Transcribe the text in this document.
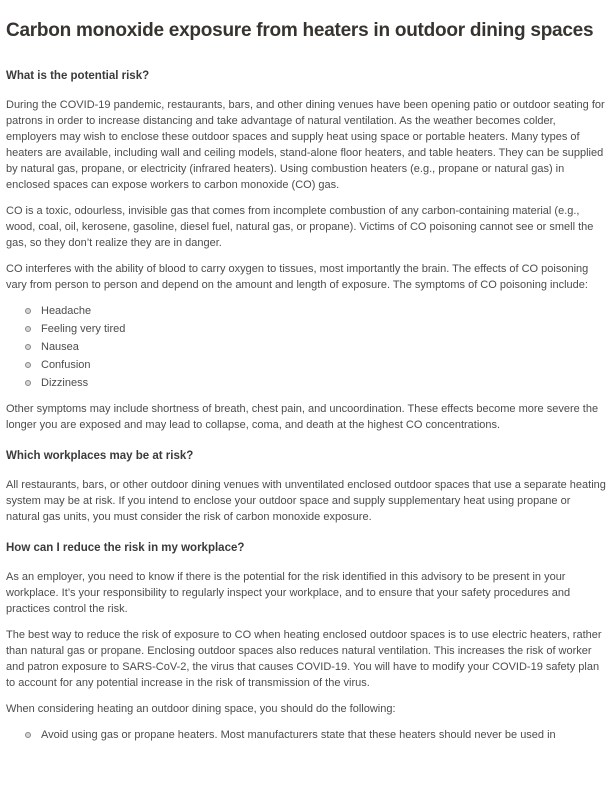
Carbon monoxide exposure from heaters in outdoor dining spaces
What is the potential risk?

During the COVID-19 pandemic, restaurants, bars, and other dining venues have been opening patio or outdoor seating for patrons in order to increase distancing and take advantage of natural ventilation. As the weather becomes colder, employers may wish to enclose these outdoor spaces and supply heat using space or portable heaters. Many types of heaters are available, including wall and ceiling models, stand-alone floor heaters, and table heaters. They can be supplied by natural gas, propane, or electricity (infrared heaters). Using combustion heaters (e.g., propane or natural gas) in enclosed spaces can expose workers to carbon monoxide (CO) gas.

CO is a toxic, odourless, invisible gas that comes from incomplete combustion of any carbon-containing material (e.g., wood, coal, oil, kerosene, gasoline, diesel fuel, natural gas, or propane). Victims of CO poisoning cannot see or smell the gas, so they don’t realize they are in danger.

CO interferes with the ability of blood to carry oxygen to tissues, most importantly the brain. The effects of CO poisoning vary from person to person and depend on the amount and length of exposure. The symptoms of CO poisoning include:

Headache
Feeling very tired
Nausea
Confusion
Dizziness

Other symptoms may include shortness of breath, chest pain, and uncoordination. These effects become more severe the longer you are exposed and may lead to collapse, coma, and death at the highest CO concentrations.

Which workplaces may be at risk?

All restaurants, bars, or other outdoor dining venues with unventilated enclosed outdoor spaces that use a separate heating system may be at risk. If you intend to enclose your outdoor space and supply supplementary heat using propane or natural gas units, you must consider the risk of carbon monoxide exposure.

How can I reduce the risk in my workplace?

As an employer, you need to know if there is the potential for the risk identified in this advisory to be present in your workplace. It’s your responsibility to regularly inspect your workplace, and to ensure that your safety procedures and practices control the risk.

The best way to reduce the risk of exposure to CO when heating enclosed outdoor spaces is to use electric heaters, rather than natural gas or propane. Enclosing outdoor spaces also reduces natural ventilation. This increases the risk of worker and patron exposure to SARS-CoV-2, the virus that causes COVID-19. You will have to modify your COVID-19 safety plan to account for any potential increase in the risk of transmission of the virus.

When considering heating an outdoor dining space, you should do the following:

Avoid using gas or propane heaters. Most manufacturers state that these heaters should never be used in
